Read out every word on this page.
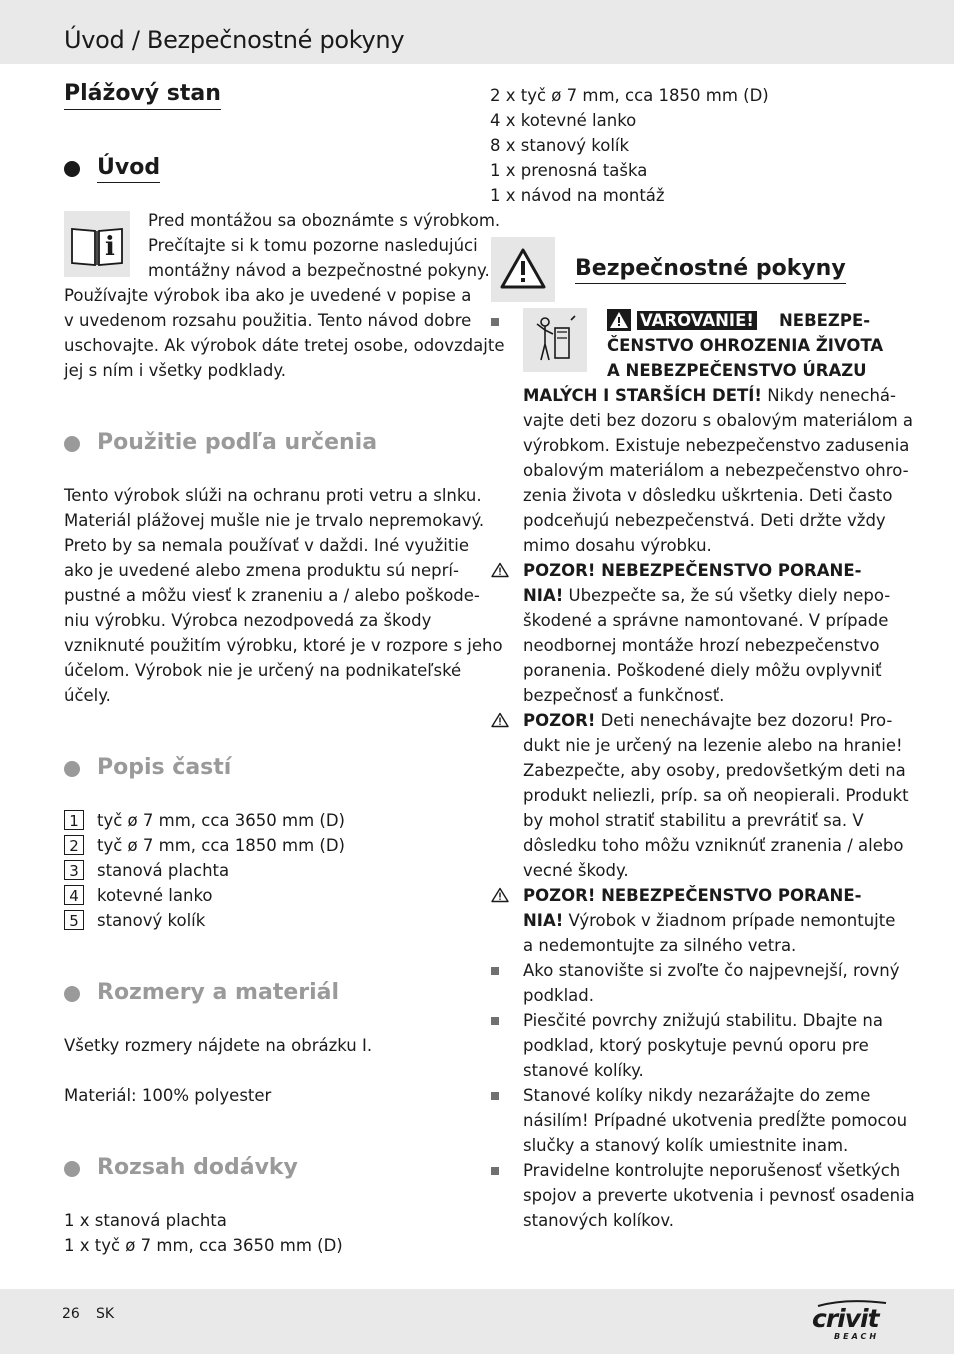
Úvod / Bezpečnostné pokyny
Plážový stan
Úvod
i
Pred montážou sa oboznámte s výrobkom.
Prečítajte si k tomu pozorne nasledujúci
montážny návod a bezpečnostné pokyny.
Používajte výrobok iba ako je uvedené v popise a
v uvedenom rozsahu použitia. Tento návod dobre
uschovajte. Ak výrobok dáte tretej osobe, odovzdajte
jej s ním i všetky podklady.
Použitie podľa určenia
Tento výrobok slúži na ochranu proti vetru a slnku.
Materiál plážovej mušle nie je trvalo nepremokavý.
Preto by sa nemala používať v daždi. Iné využitie
ako je uvedené alebo zmena produktu sú neprí-
pustné a môžu viesť k zraneniu a / alebo poškode-
niu výrobku. Výrobca nezodpovedá za škody
vzniknuté použitím výrobku, ktoré je v rozpore s jeho
účelom. Výrobok nie je určený na podnikateľské
účely.
Popis častí
1	tyč ø 7 mm, cca 3650 mm (D)
2	tyč ø 7 mm, cca 1850 mm (D)
3	stanová plachta
4	kotevné lanko
5	stanový kolík
Rozmery a materiál
Všetky rozmery nájdete na obrázku I.
Materiál: 100% polyester
Rozsah dodávky
1 x stanová plachta
1 x tyč ø 7 mm, cca 3650 mm (D)
2 x tyč ø 7 mm, cca 1850 mm (D)
4 x kotevné lanko
8 x stanový kolík
1 x prenosná taška
1 x návod na montáž
Bezpečnostné pokyny
VAROVANIE! NEBEZPE-
ČENSTVO OHROZENIA ŽIVOTA
A NEBEZPEČENSTVO ÚRAZU
MALÝCH I STARŠÍCH DETÍ! Nikdy nenechá-
vajte deti bez dozoru s obalovým materiálom a
výrobkom. Existuje nebezpečenstvo zadusenia
obalovým materiálom a nebezpečenstvo ohro-
zenia života v dôsledku uškrtenia. Deti často
podceňujú nebezpečenstvá. Deti držte vždy
mimo dosahu výrobku.
POZOR! NEBEZPEČENSTVO PORANE-
NIA! Ubezpečte sa, že sú všetky diely nepo-
škodené a správne namontované. V prípade
neodbornej montáže hrozí nebezpečenstvo
poranenia. Poškodené diely môžu ovplyvniť
bezpečnosť a funkčnosť.
POZOR! Deti nenechávajte bez dozoru! Pro-
dukt nie je určený na lezenie alebo na hranie!
Zabezpečte, aby osoby, predovšetkým deti na
produkt neliezli, príp. sa oň neopierali. Produkt
by mohol stratiť stabilitu a prevrátiť sa. V
dôsledku toho môžu vzniknúť zranenia / alebo
vecné škody.
POZOR! NEBEZPEČENSTVO PORANE-
NIA! Výrobok v žiadnom prípade nemontujte
a nedemontujte za silného vetra.
Ako stanovište si zvoľte čo najpevnejší, rovný
podklad.
Piesčité povrchy znižujú stabilitu. Dbajte na
podklad, ktorý poskytuje pevnú oporu pre
stanové kolíky.
Stanové kolíky nikdy nezarážajte do zeme
násilím! Prípadné ukotvenia predĺžte pomocou
slučky a stanový kolík umiestnite inam.
Pravidelne kontrolujte neporušenosť všetkých
spojov a preverte ukotvenia i pevnosť osadenia
stanových kolíkov.
26 SK	crivit
BEACH
